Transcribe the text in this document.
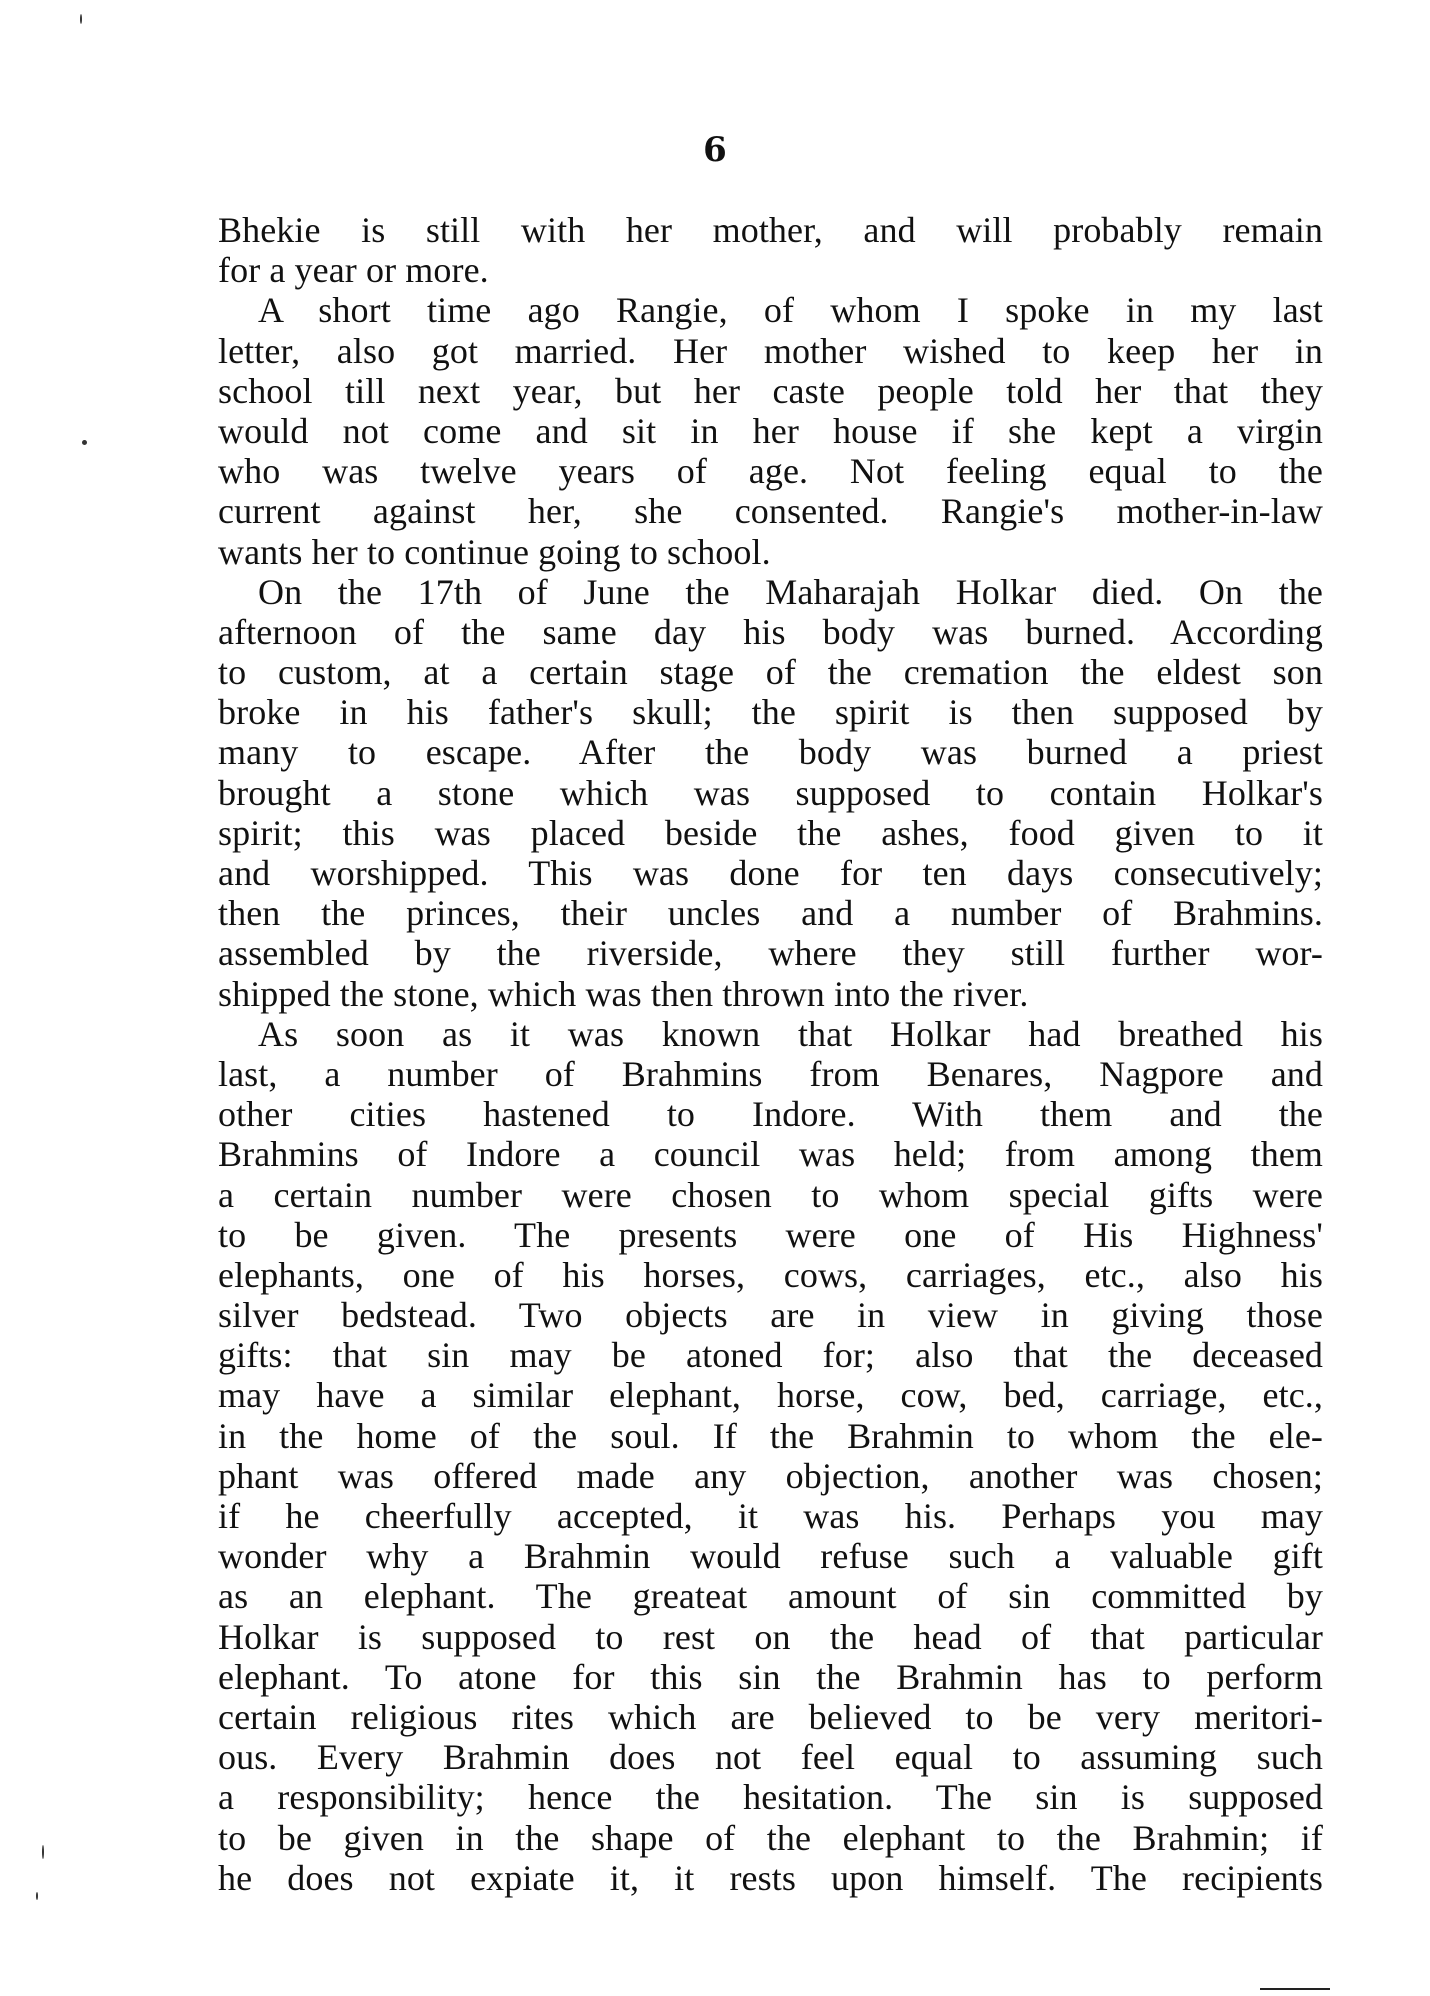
6
Bhekie is still with her mother, and will probably remain
for a year or more.
A short time ago Rangie, of whom I spoke in my last
letter, also got married. Her mother wished to keep her in
school till next year, but her caste people told her that they
would not come and sit in her house if she kept a virgin
who was twelve years of age. Not feeling equal to the
current against her, she consented. Rangie's mother-in-law
wants her to continue going to school.
On the 17th of June the Maharajah Holkar died. On the
afternoon of the same day his body was burned. According
to custom, at a certain stage of the cremation the eldest son
broke in his father's skull; the spirit is then supposed by
many to escape. After the body was burned a priest
brought a stone which was supposed to contain Holkar's
spirit; this was placed beside the ashes, food given to it
and worshipped. This was done for ten days consecutively;
then the princes, their uncles and a number of Brahmins.
assembled by the riverside, where they still further wor-
shipped the stone, which was then thrown into the river.
As soon as it was known that Holkar had breathed his
last, a number of Brahmins from Benares, Nagpore and
other cities hastened to Indore. With them and the
Brahmins of Indore a council was held; from among them
a certain number were chosen to whom special gifts were
to be given. The presents were one of His Highness'
elephants, one of his horses, cows, carriages, etc., also his
silver bedstead. Two objects are in view in giving those
gifts: that sin may be atoned for; also that the deceased
may have a similar elephant, horse, cow, bed, carriage, etc.,
in the home of the soul. If the Brahmin to whom the ele-
phant was offered made any objection, another was chosen;
if he cheerfully accepted, it was his. Perhaps you may
wonder why a Brahmin would refuse such a valuable gift
as an elephant. The greateat amount of sin committed by
Holkar is supposed to rest on the head of that particular
elephant. To atone for this sin the Brahmin has to perform
certain religious rites which are believed to be very meritori-
ous. Every Brahmin does not feel equal to assuming such
a responsibility; hence the hesitation. The sin is supposed
to be given in the shape of the elephant to the Brahmin; if
he does not expiate it, it rests upon himself. The recipients
